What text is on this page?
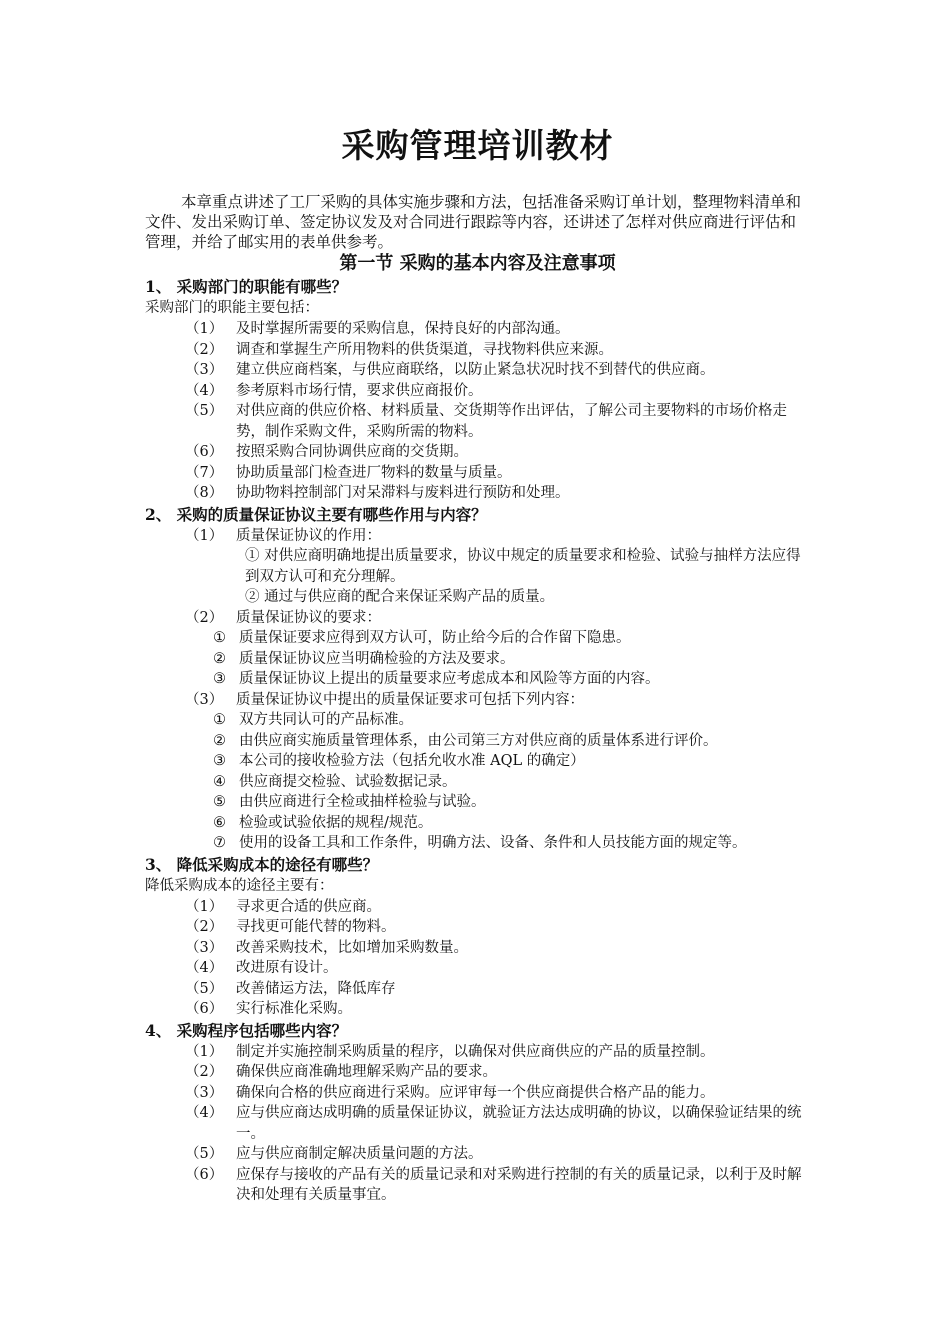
采购管理培训教材

本章重点讲述了工厂采购的具体实施步骤和方法，包括准备采购订单计划，整理物料清单和文件、发出采购订单、签定协议发及对合同进行跟踪等内容，还讲述了怎样对供应商进行评估和管理，并给了邮实用的表单供参考。

第一节 采购的基本内容及注意事项

1、 采购部门的职能有哪些？

采购部门的职能主要包括：

（1） 及时掌握所需要的采购信息，保持良好的内部沟通。
（2） 调查和掌握生产所用物料的供货渠道，寻找物料供应来源。
（3） 建立供应商档案，与供应商联络，以防止紧急状况时找不到替代的供应商。
（4） 参考原料市场行情，要求供应商报价。
（5） 对供应商的供应价格、材料质量、交货期等作出评估，了解公司主要物料的市场价格走势，制作采购文件，采购所需的物料。
（6） 按照采购合同协调供应商的交货期。
（7） 协助质量部门检查进厂物料的数量与质量。
（8） 协助物料控制部门对呆滞料与废料进行预防和处理。

2、 采购的质量保证协议主要有哪些作用与内容？

（1） 质量保证协议的作用：

① 对供应商明确地提出质量要求，协议中规定的质量要求和检验、试验与抽样方法应得到双方认可和充分理解。

② 通过与供应商的配合来保证采购产品的质量。

（2） 质量保证协议的要求：
① 质量保证要求应得到双方认可，防止给今后的合作留下隐患。
② 质量保证协议应当明确检验的方法及要求。
③ 质量保证协议上提出的质量要求应考虑成本和风险等方面的内容。
（3） 质量保证协议中提出的质量保证要求可包括下列内容：
① 双方共同认可的产品标准。
② 由供应商实施质量管理体系，由公司第三方对供应商的质量体系进行评价。
③ 本公司的接收检验方法（包括允收水准 AQL 的确定）
④ 供应商提交检验、试验数据记录。
⑤ 由供应商进行全检或抽样检验与试验。
⑥ 检验或试验依据的规程/规范。
⑦ 使用的设备工具和工作条件，明确方法、设备、条件和人员技能方面的规定等。

3、 降低采购成本的途径有哪些？

降低采购成本的途径主要有：

（1） 寻求更合适的供应商。
（2） 寻找更可能代替的物料。
（3） 改善采购技术，比如增加采购数量。
（4） 改进原有设计。
（5） 改善储运方法，降低库存
（6） 实行标准化采购。

4、 采购程序包括哪些内容？

（1） 制定并实施控制采购质量的程序，以确保对供应商供应的产品的质量控制。
（2） 确保供应商准确地理解采购产品的要求。
（3） 确保向合格的供应商进行采购。应评审每一个供应商提供合格产品的能力。
（4） 应与供应商达成明确的质量保证协议，就验证方法达成明确的协议，以确保验证结果的统一。
（5） 应与供应商制定解决质量问题的方法。
（6） 应保存与接收的产品有关的质量记录和对采购进行控制的有关的质量记录，以利于及时解决和处理有关质量事宜。
